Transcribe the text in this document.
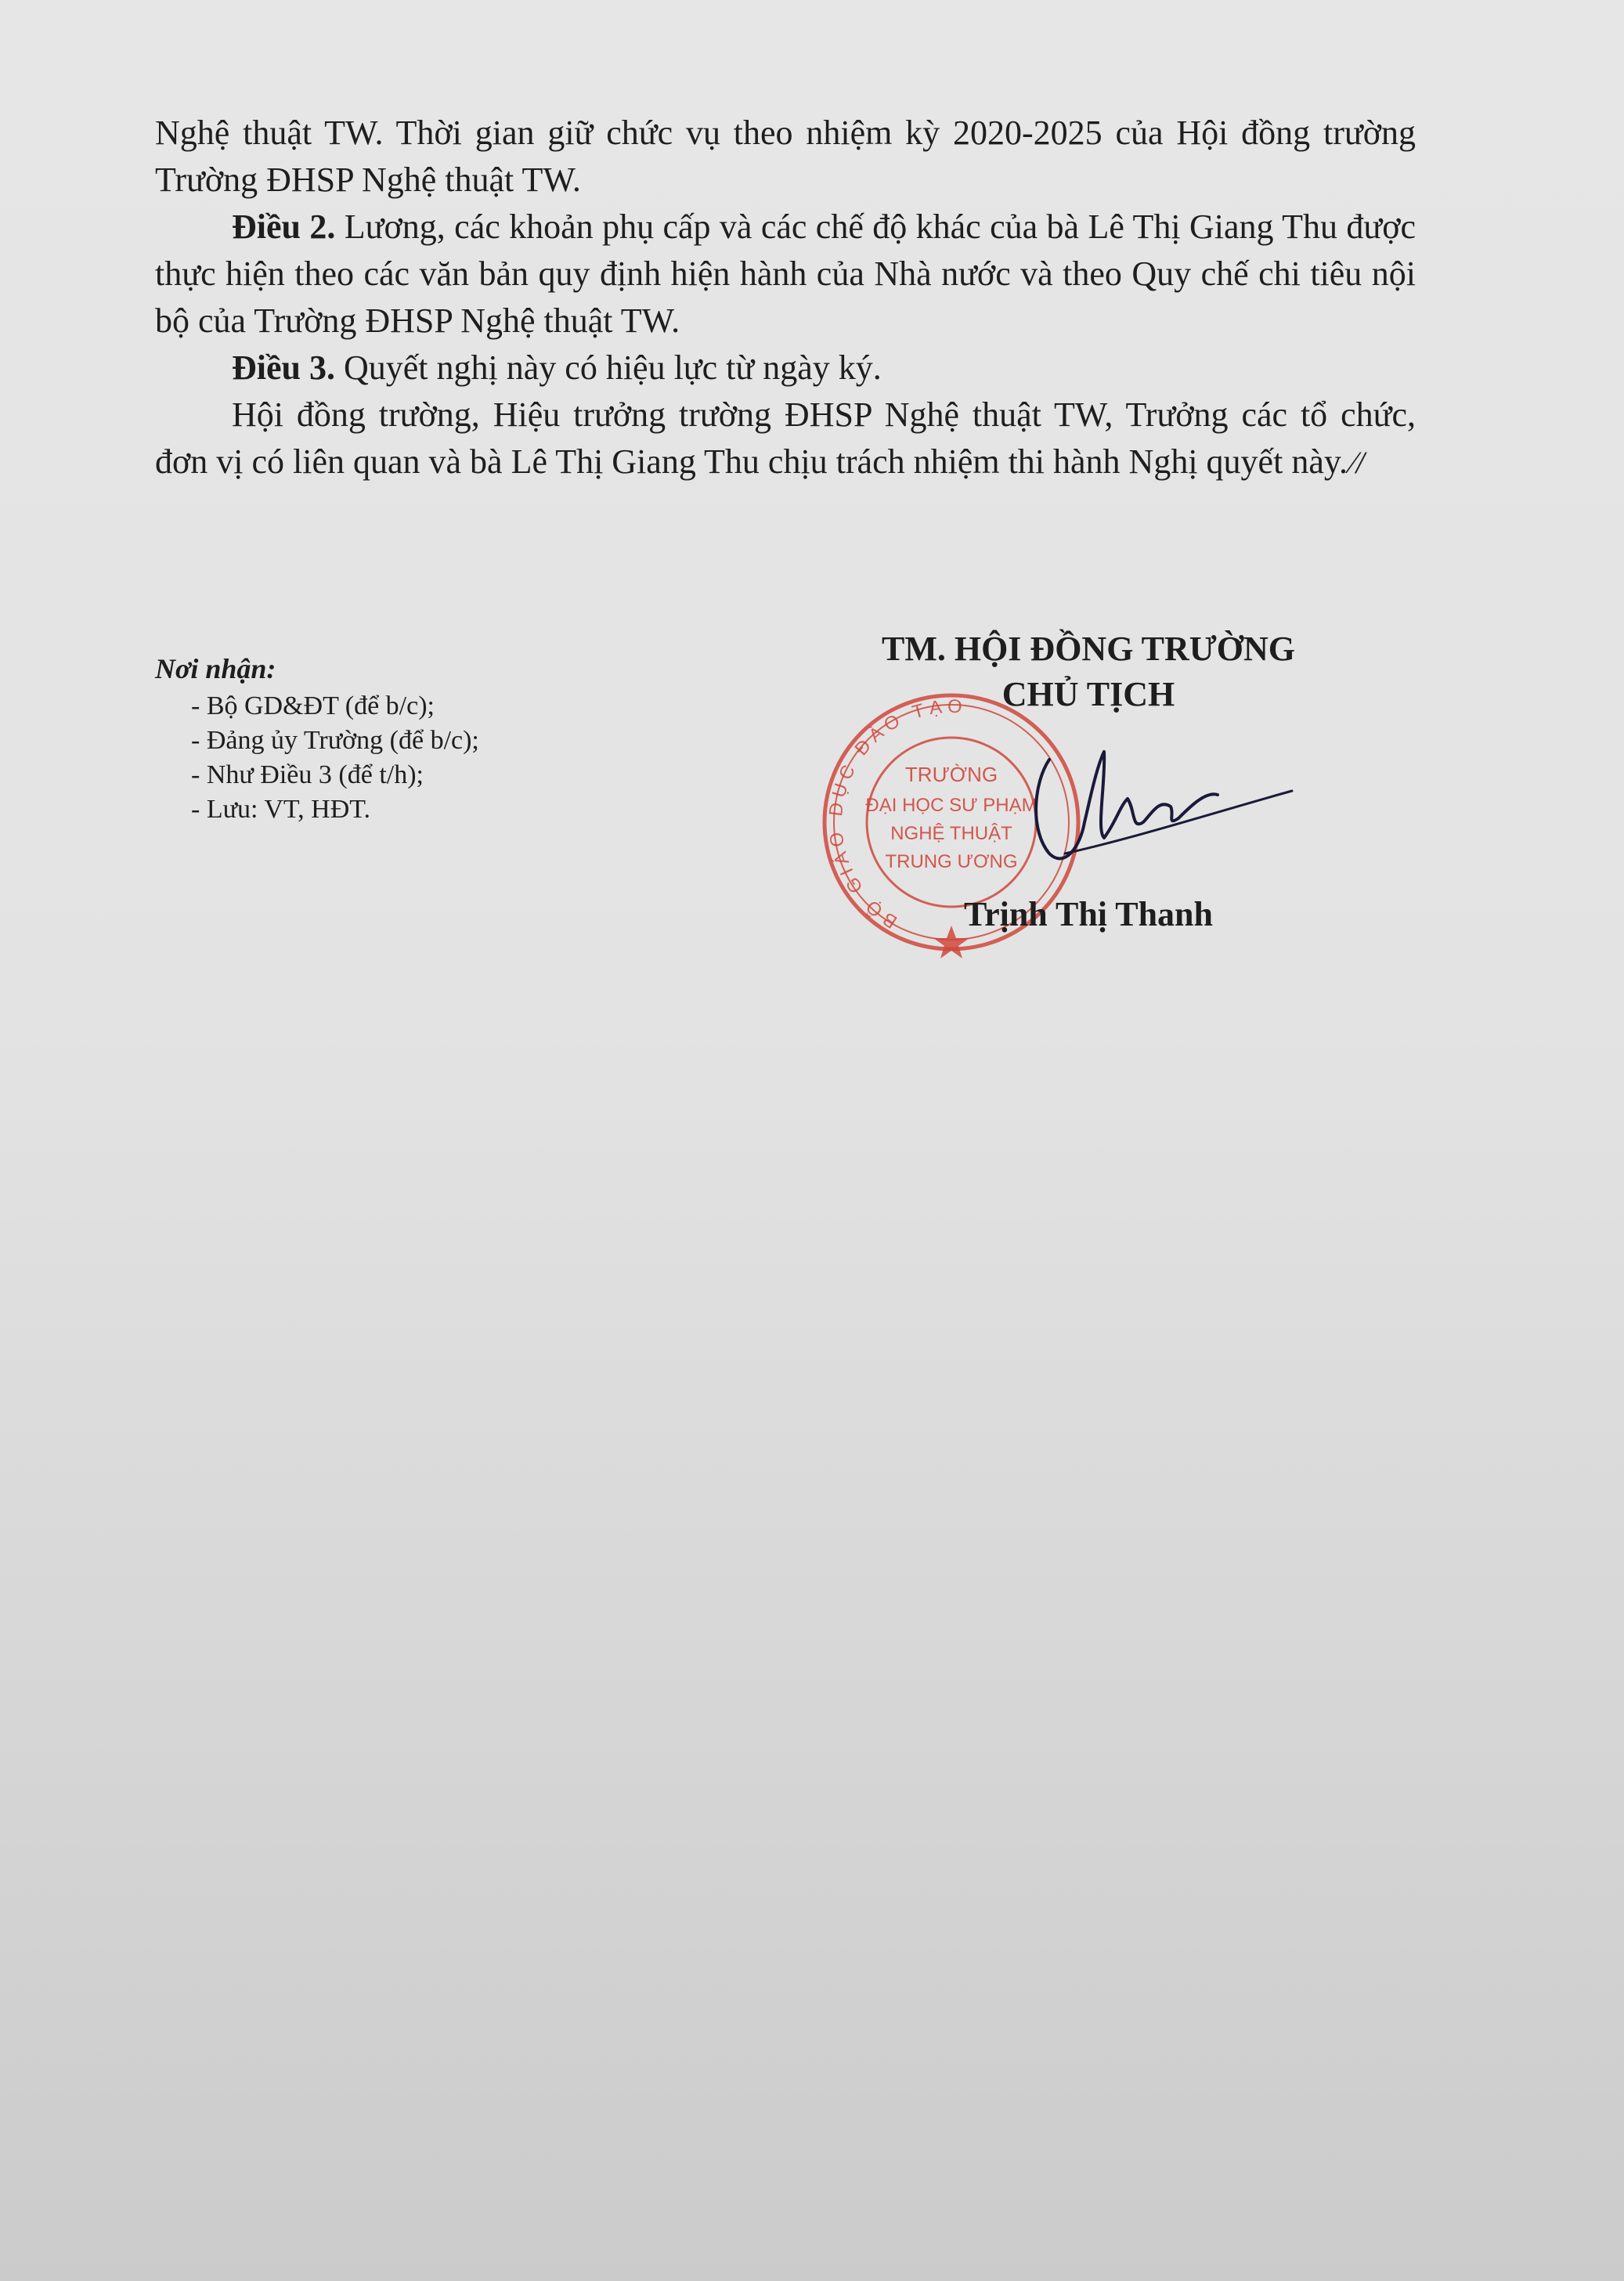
Nghệ thuật TW. Thời gian giữ chức vụ theo nhiệm kỳ 2020-2025 của Hội đồng trường Trường ĐHSP Nghệ thuật TW.

Điều 2. Lương, các khoản phụ cấp và các chế độ khác của bà Lê Thị Giang Thu được thực hiện theo các văn bản quy định hiện hành của Nhà nước và theo Quy chế chi tiêu nội bộ của Trường ĐHSP Nghệ thuật TW.

Điều 3. Quyết nghị này có hiệu lực từ ngày ký.

Hội đồng trường, Hiệu trưởng trường ĐHSP Nghệ thuật TW, Trưởng các tổ chức, đơn vị có liên quan và bà Lê Thị Giang Thu chịu trách nhiệm thi hành Nghị quyết này. ⁄/

Nơi nhận:
- Bộ GD&ĐT (để b/c);
- Đảng ủy Trường (để b/c);
- Như Điều 3 (để t/h);
- Lưu: VT, HĐT.
TM. HỘI ĐỒNG TRƯỜNG
CHỦ TỊCH
BỘ GIÁO DỤC ĐÀO TẠO
TRƯỜNG
ĐẠI HỌC SƯ PHẠM
NGHỆ THUẬT
TRUNG ƯƠNG
Trịnh Thị Thanh
